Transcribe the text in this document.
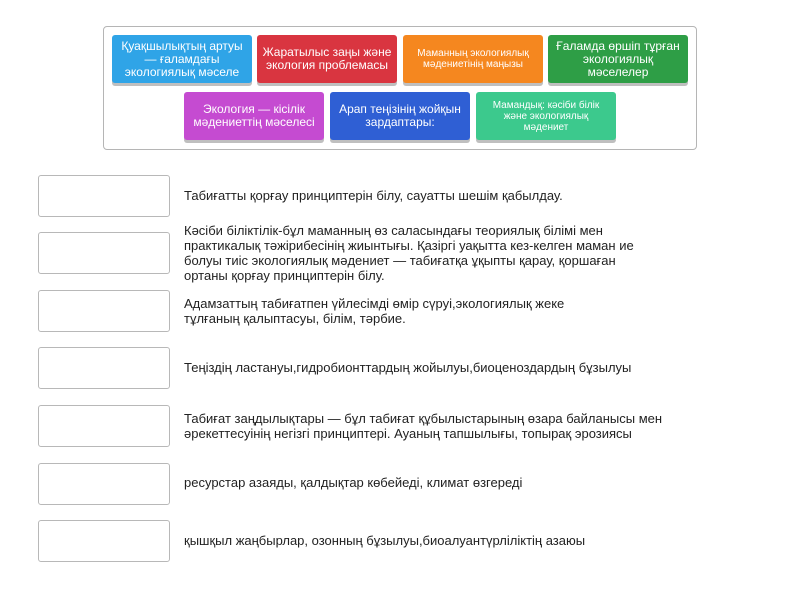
Қуақшылықтың артуы — ғаламдағы экологиялық мәселе
Жаратылыс заңы және экология проблемасы
Маманның экологиялық мәдениетінің маңызы
Ғаламда өршіп тұрған экологиялық мәселелер
Экология — кісілік мәдениеттің мәселесі
Арап теңізінің жойқын зардаптары:
Мамандық: кәсіби білік және экологиялық мәдениет
Табиғатты қорғау принциптерін білу, сауатты шешім қабылдау.
Кәсіби біліктілік-бұл маманның өз саласындағы теориялық білімі мен практикалық тәжірибесінің жиынтығы. Қазіргі уақытта кез-келген маман ие болуы тиіс экологиялық мәдениет — табиғатқа ұқыпты қарау, қоршаған ортаны қорғау принциптерін білу.
Адамзаттың табиғатпен үйлесімді өмір сүруі,экологиялық жеке тұлғаның қалыптасуы, білім, тәрбие.
Теңіздің ластануы,гидробионттардың жойылуы,биоценоздардың бұзылуы
Табиғат заңдылықтары — бұл табиғат құбылыстарының өзара байланысы мен әрекеттесуінің негізгі принциптері. Ауаның тапшылығы, топырақ эрозиясы
ресурстар азаяды, қалдықтар көбейеді, климат өзгереді
қышқыл жаңбырлар, озонның бұзылуы,биоалуантүрліліктің азаюы
